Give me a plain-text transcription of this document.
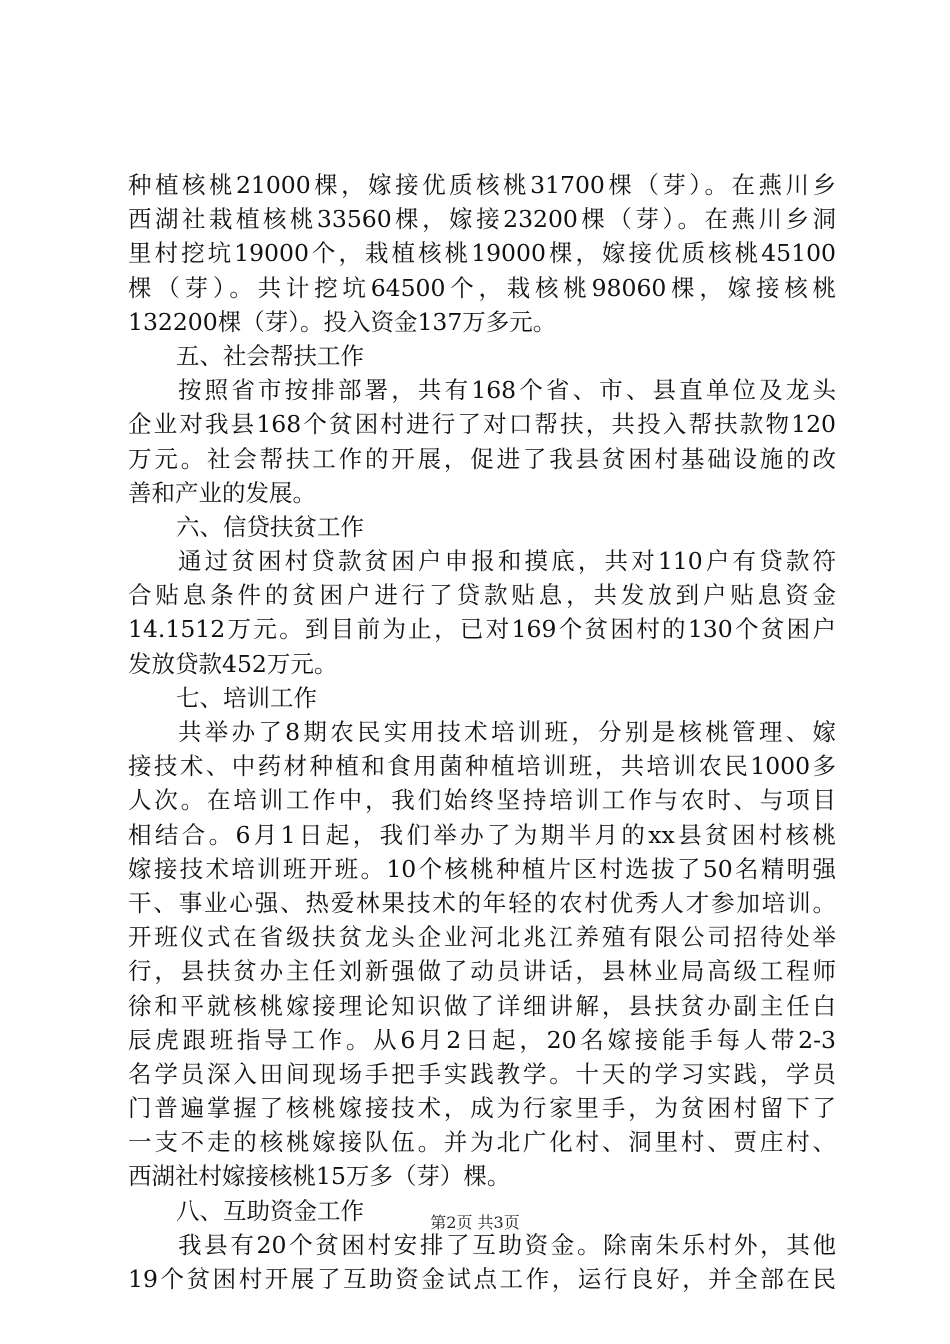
种植核桃21000棵，嫁接优质核桃31700棵（芽）。在燕川乡
西湖社栽植核桃33560棵，嫁接23200棵（芽）。在燕川乡洞
里村挖坑19000个，栽植核桃19000棵，嫁接优质核桃45100
棵（芽）。共计挖坑64500个，栽核桃98060棵，嫁接核桃
132200棵（芽）。投入资金137万多元。
五、社会帮扶工作
按照省市按排部署，共有168个省、市、县直单位及龙头
企业对我县168个贫困村进行了对口帮扶，共投入帮扶款物120
万元。社会帮扶工作的开展，促进了我县贫困村基础设施的改
善和产业的发展。
六、信贷扶贫工作
通过贫困村贷款贫困户申报和摸底，共对110户有贷款符
合贴息条件的贫困户进行了贷款贴息，共发放到户贴息资金
14.1512万元。到目前为止，已对169个贫困村的130个贫困户
发放贷款452万元。
七、培训工作
共举办了8期农民实用技术培训班，分别是核桃管理、嫁
接技术、中药材种植和食用菌种植培训班，共培训农民1000多
人次。在培训工作中，我们始终坚持培训工作与农时、与项目
相结合。6月1日起，我们举办了为期半月的xx县贫困村核桃
嫁接技术培训班开班。10个核桃种植片区村选拔了50名精明强
干、事业心强、热爱林果技术的年轻的农村优秀人才参加培训。
开班仪式在省级扶贫龙头企业河北兆江养殖有限公司招待处举
行，县扶贫办主任刘新强做了动员讲话，县林业局高级工程师
徐和平就核桃嫁接理论知识做了详细讲解，县扶贫办副主任白
辰虎跟班指导工作。从6月2日起，20名嫁接能手每人带2-3
名学员深入田间现场手把手实践教学。十天的学习实践，学员
门普遍掌握了核桃嫁接技术，成为行家里手，为贫困村留下了
一支不走的核桃嫁接队伍。并为北广化村、洞里村、贾庄村、
西湖社村嫁接核桃15万多（芽）棵。
八、互助资金工作
我县有20个贫困村安排了互助资金。除南朱乐村外，其他
19个贫困村开展了互助资金试点工作，运行良好，并全部在民
第2页 共3页
